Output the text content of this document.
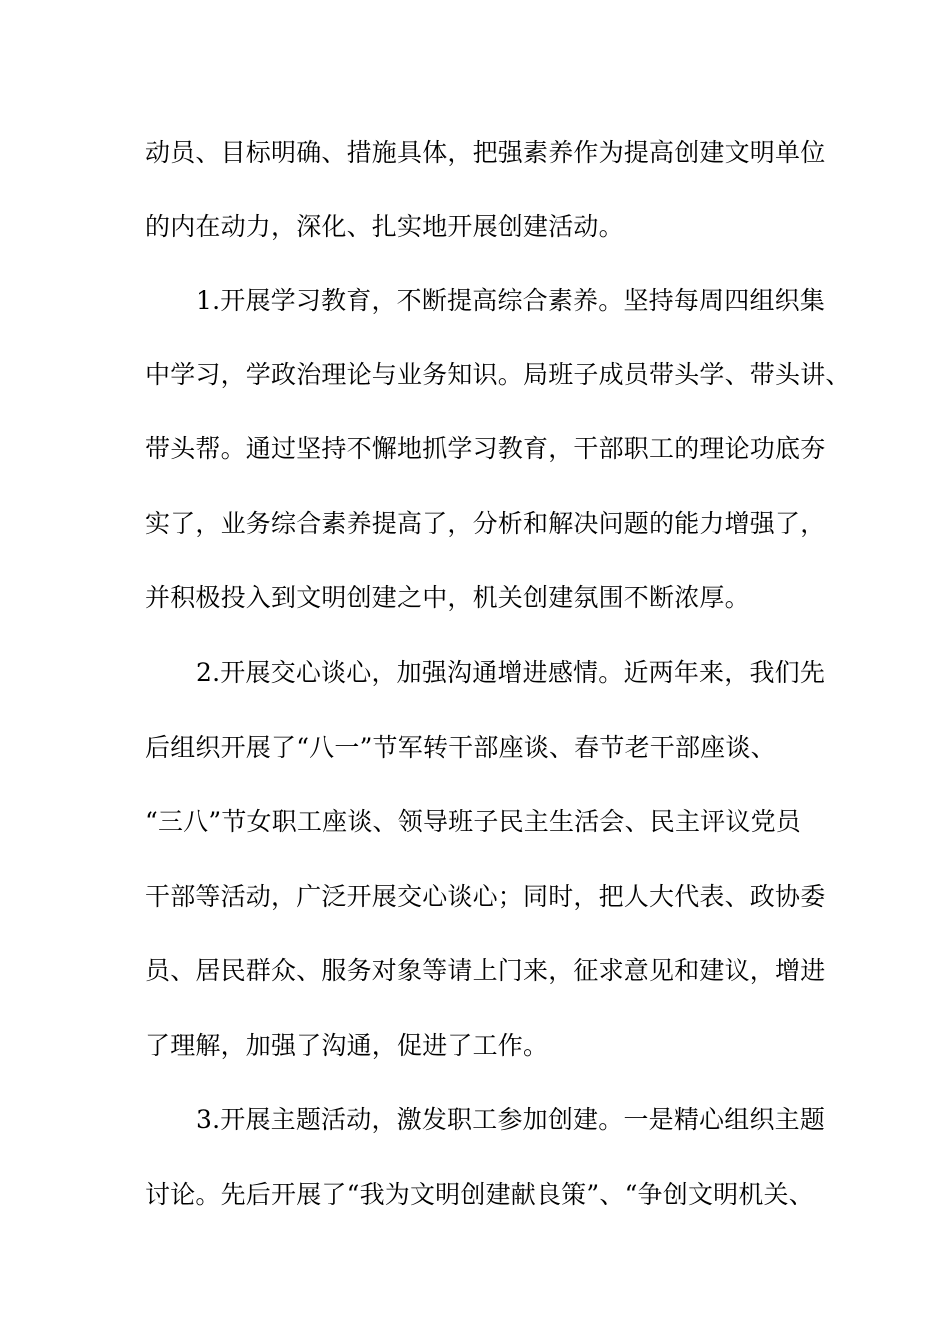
动员、目标明确、措施具体，把强素养作为提高创建文明单位
的内在动力，深化、扎实地开展创建活动。
1.开展学习教育，不断提高综合素养。坚持每周四组织集
中学习，学政治理论与业务知识。局班子成员带头学、带头讲、
带头帮。通过坚持不懈地抓学习教育，干部职工的理论功底夯
实了，业务综合素养提高了，分析和解决问题的能力增强了，
并积极投入到文明创建之中，机关创建氛围不断浓厚。
2.开展交心谈心，加强沟通增进感情。近两年来，我们先
后组织开展了“八一”节军转干部座谈、春节老干部座谈、
“三八”节女职工座谈、领导班子民主生活会、民主评议党员
干部等活动，广泛开展交心谈心；同时，把人大代表、政协委
员、居民群众、服务对象等请上门来，征求意见和建议，增进
了理解，加强了沟通，促进了工作。
3.开展主题活动，激发职工参加创建。一是精心组织主题
讨论。先后开展了“我为文明创建献良策”、“争创文明机关、
